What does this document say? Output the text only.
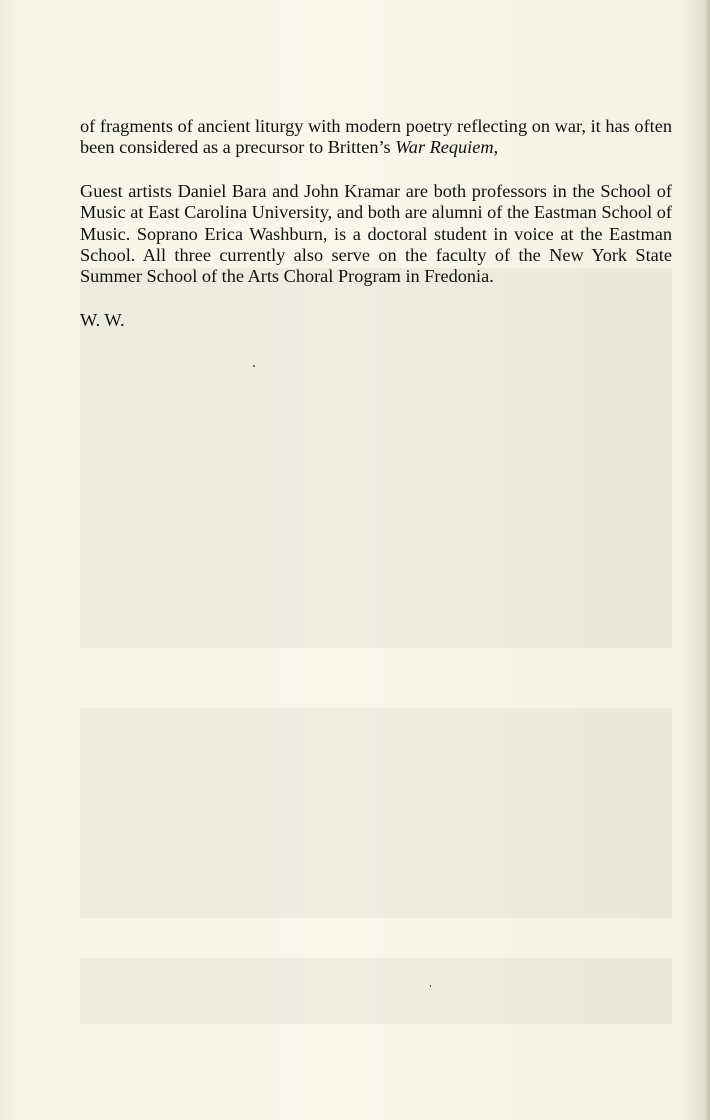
of fragments of ancient liturgy with modern poetry reflecting on war, it has often been considered as a precursor to Britten’s War Requiem,

Guest artists Daniel Bara and John Kramar are both professors in the School of Music at East Carolina University, and both are alumni of the Eastman School of Music. Soprano Erica Washburn, is a doctoral student in voice at the Eastman School. All three currently also serve on the faculty of the New York State Summer School of the Arts Choral Program in Fredonia.

W. W.
